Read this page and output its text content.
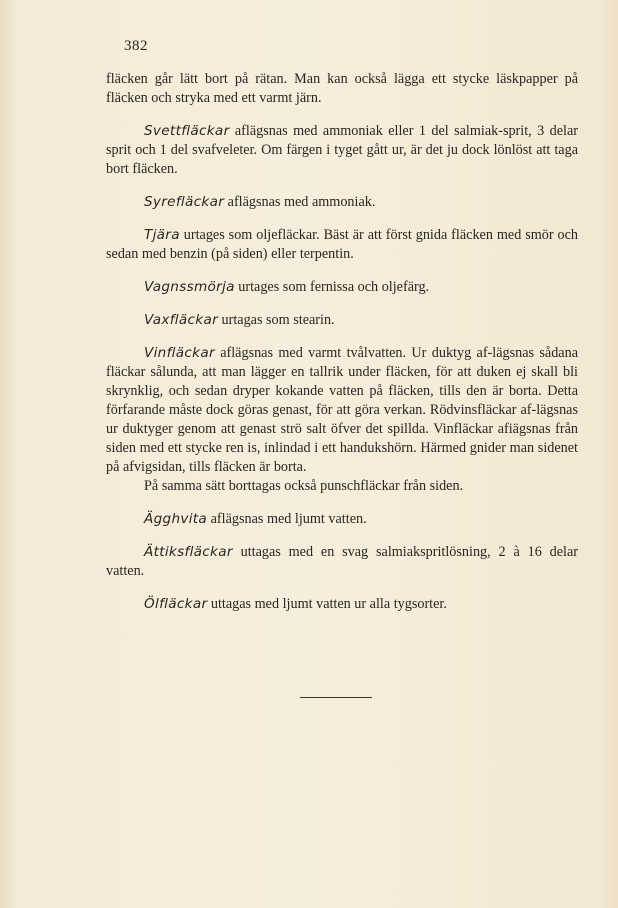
382

fläcken går lätt bort på rätan. Man kan också lägga ett stycke läskpapper på fläcken och stryka med ett varmt järn.

Svettfläckar aflägsnas med ammoniak eller 1 del salmiak-sprit, 3 delar sprit och 1 del svafveleter. Om färgen i tyget gått ur, är det ju dock lönlöst att taga bort fläcken.

Syrefläckar aflägsnas med ammoniak.

Tjära urtages som oljefläckar. Bäst är att först gnida fläcken med smör och sedan med benzin (på siden) eller terpentin.

Vagnssmörja urtages som fernissa och oljefärg.

Vaxfläckar urtagas som stearin.

Vinfläckar aflägsnas med varmt tvålvatten. Ur duktyg af-lägsnas sådana fläckar sålunda, att man lägger en tallrik under fläcken, för att duken ej skall bli skrynklig, och sedan dryper kokande vatten på fläcken, tills den är borta. Detta förfarande måste dock göras genast, för att göra verkan. Rödvinsfläckar af-lägsnas ur duktyger genom att genast strö salt öfver det spillda. Vinfläckar afiägsnas från siden med ett stycke ren is, inlindad i ett handukshörn. Härmed gnider man sidenet på afvigsidan, tills fläcken är borta.

På samma sätt borttagas också punschfläckar från siden.

Ägghvita aflägsnas med ljumt vatten.

Ättiksfläckar uttagas med en svag salmiakspritlösning, 2 à 16 delar vatten.

Ölfläckar uttagas med ljumt vatten ur alla tygsorter.
